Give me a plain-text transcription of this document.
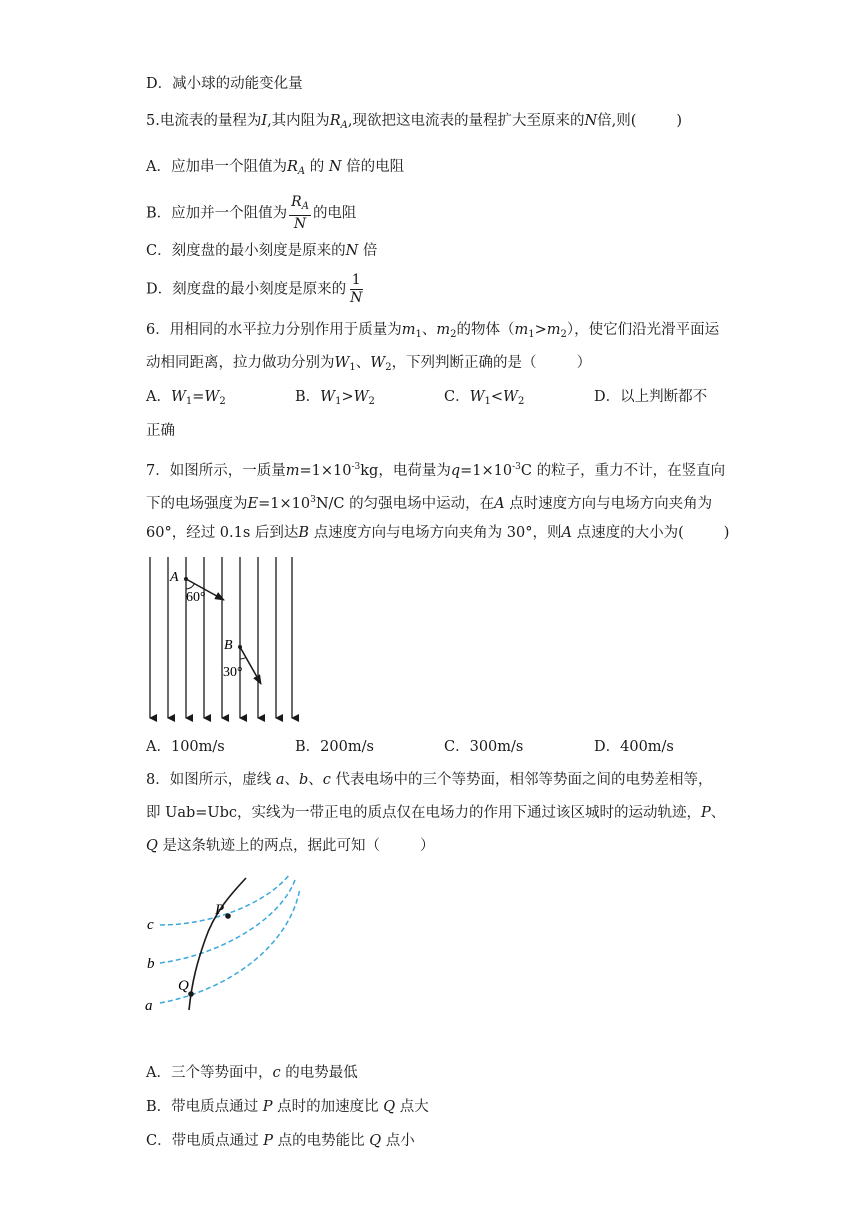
D．减小球的动能变化量
5.电流表的量程为I,其内阻为$R_A$,现欲把这电流表的量程扩大至原来的N倍,则(	)
A．应加串一个阻值为$R_A$ 的 N 倍的电阻
B．应加并一个阻值为 $\frac{R_A}{N}$ 的电阻
C．刻度盘的最小刻度是原来的N 倍
D．刻度盘的最小刻度是原来的 $\frac{1}{N}$
6．用相同的水平拉力分别作用于质量为$m_1$、$m_2$的物体$(m_1>m_2)$，使它们沿光滑平面运
动相同距离，拉力做功分别为$W_1$、$W_2$，下列判断正确的是（	）
A．$W_1=W_2$	B．$W_1>W_2$	C．$W_1<W_2$	D．以上判断都不
正确
7．如图所示，一质量$m=1\times 10^{-3}kg$，电荷量为$q=1\times 10^{-3}C$ 的粒子，重力不计，在竖直向
下的电场强度为$E=1\times 10^3N/C$ 的匀强电场中运动，在A 点时速度方向与电场方向夹角为
60°，经过 0.1s 后到达B 点速度方向与电场方向夹角为 30°，则A 点速度的大小为(	)
A
60°
B
30°
A．100m/s	B．200m/s	C．300m/s	D．400m/s
8．如图所示，虚线 a、b、c 代表电场中的三个等势面，相邻等势面之间的电势差相等，
即 Uab=Ubc，实线为一带正电的质点仅在电场力的作用下通过该区城时的运动轨迹，P、
Q 是这条轨迹上的两点，据此可知（	）
P
Q
c
b
a
A．三个等势面中，c 的电势最低
B．带电质点通过 P 点时的加速度比 Q 点大
C．带电质点通过 P 点的电势能比 Q 点小
